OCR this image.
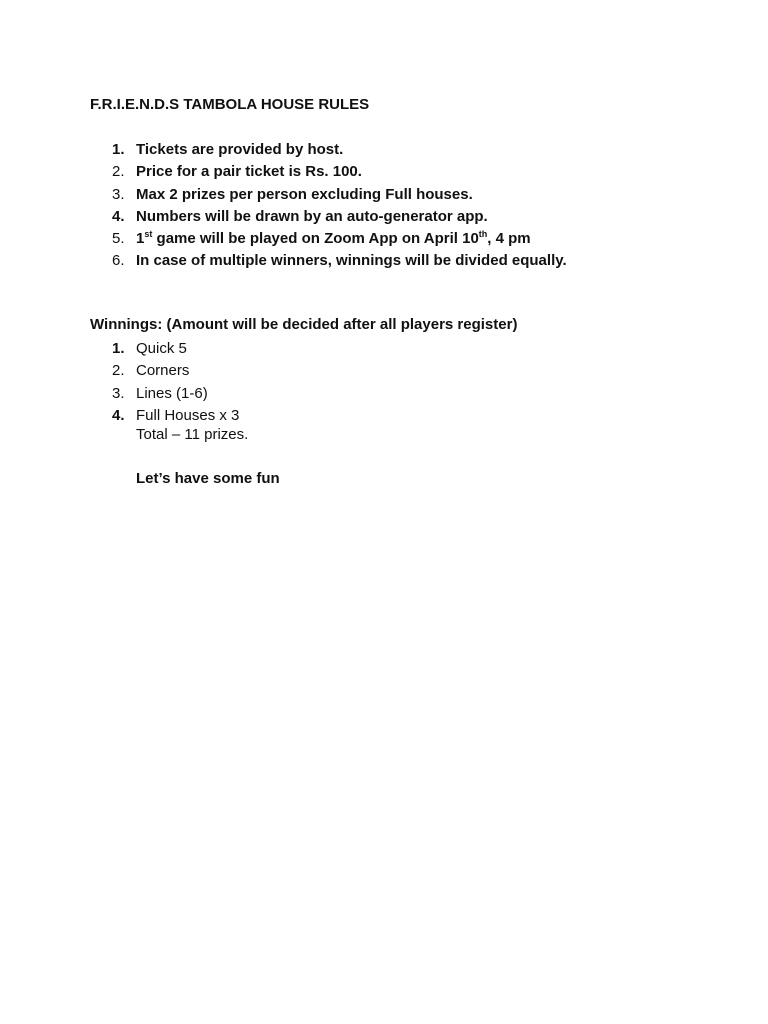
F.R.I.E.N.D.S TAMBOLA HOUSE RULES
1. Tickets are provided by host.
2. Price for a pair ticket is Rs. 100.
3. Max 2 prizes per person excluding Full houses.
4. Numbers will be drawn by an auto-generator app.
5. 1st game will be played on Zoom App on April 10th, 4 pm
6. In case of multiple winners, winnings will be divided equally.
Winnings: (Amount will be decided after all players register)
1. Quick 5
2. Corners
3. Lines (1-6)
4. Full Houses x 3
Total – 11 prizes.
Let’s have some fun
